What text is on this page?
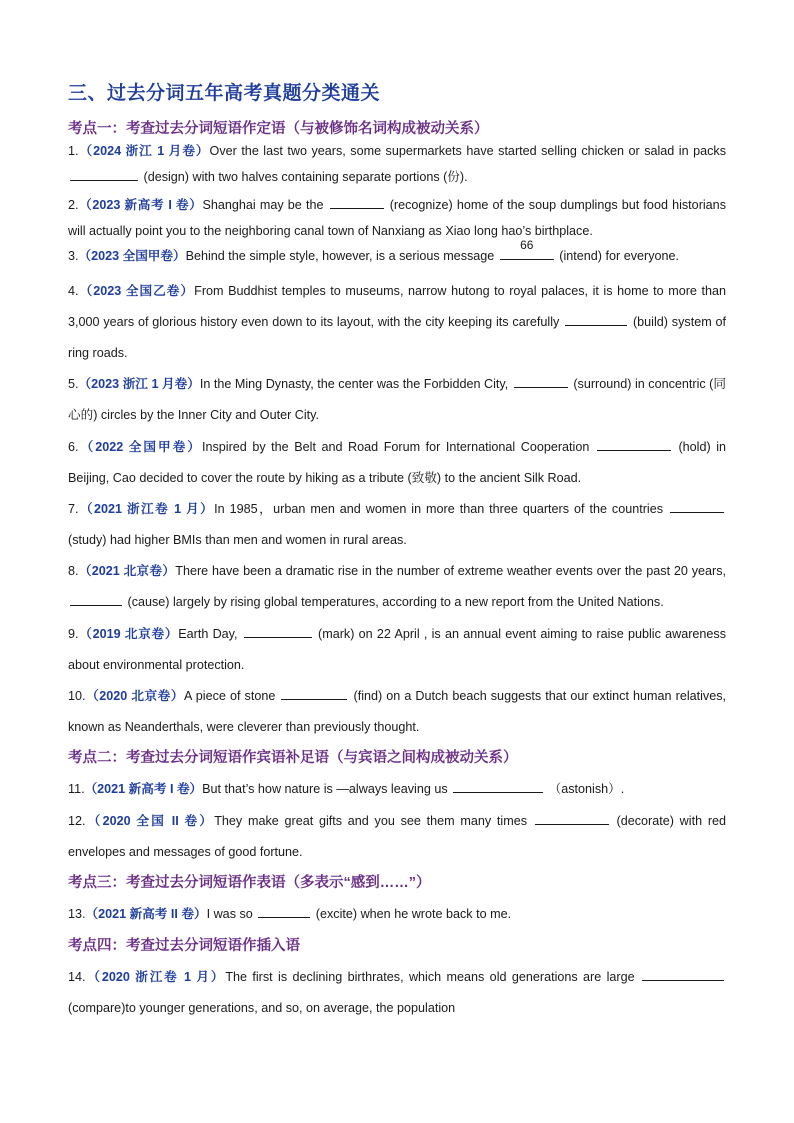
三、过去分词五年高考真题分类通关
考点一：考查过去分词短语作定语（与被修饰名词构成被动关系）
1.（2024 浙江 1 月卷）Over the last two years, some supermarkets have started selling chicken or salad in packs  (design) with two halves containing separate portions (份).
2.（2023 新高考 I 卷）Shanghai may be the	(recognize) home of the soup dumplings but food historians will actually point you to the neighboring canal town of Nanxiang as Xiao long hao’s birthplace.
3.（2023 全国甲卷）Behind the simple style, however, is a serious message
66
(intend) for everyone.
4.（2023 全国乙卷）From Buddhist temples to museums, narrow hutong to royal palaces, it is home to more than 3,000 years of glorious history even down to its layout, with the city keeping its carefully	(build) system of ring roads.
5.（2023 浙江 1 月卷）In the Ming Dynasty, the center was the Forbidden City,	(surround) in concentric (同心的) circles by the Inner City and Outer City.
6.（2022 全国甲卷）Inspired by the Belt and Road Forum for International Cooperation	(hold) in Beijing, Cao decided to cover the route by hiking as a tribute (致敬) to the ancient Silk Road.
7.（2021 浙江卷 1 月）In 1985，urban men and women in more than three quarters of the countries  (study) had higher BMIs than men and women in rural areas.
8.（2021 北京卷）There have been a dramatic rise in the number of extreme weather events over the past 20 years,  (cause) largely by rising global temperatures, according to a new report from the United Nations.
9.（2019 北京卷）Earth Day,	(mark) on 22 April , is an annual event aiming to raise public awareness about environmental protection.
10.（2020 北京卷）A piece of stone	(find) on a Dutch beach suggests that our extinct human relatives, known as Neanderthals, were cleverer than previously thought.
考点二：考查过去分词短语作宾语补足语（与宾语之间构成被动关系）
11.（2021 新高考 I 卷）But that’s how nature is —always leaving us	（astonish）.
12.（2020 全国 II 卷）They make great gifts and you see them many times	(decorate) with red envelopes and messages of good fortune.
考点三：考查过去分词短语作表语（多表示“感到……”）
13.（2021 新高考 II 卷）I was so	(excite) when he wrote back to me.
考点四：考查过去分词短语作插入语
14.（2020 浙江卷 1 月）The first is declining birthrates, which means old generations are large  (compare)to younger generations, and so, on average, the population
